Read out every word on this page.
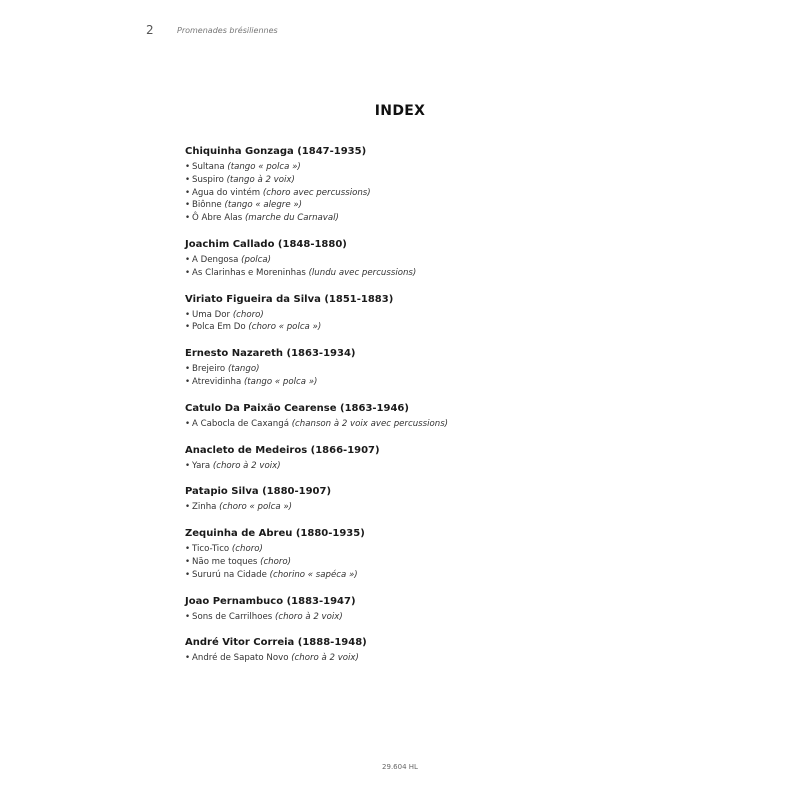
2	Promenades brésiliennes
INDEX
Chiquinha Gonzaga (1847-1935)
• Sultana (tango « polca »)
• Suspiro (tango à 2 voix)
• Agua do vintém (choro avec percussions)
• Biônne (tango « alegre »)
• Ô Abre Alas (marche du Carnaval)
Joachim Callado (1848-1880)
• A Dengosa (polca)
• As Clarinhas e Moreninhas (lundu avec percussions)
Viriato Figueira da Silva (1851-1883)
• Uma Dor (choro)
• Polca Em Do (choro « polca »)
Ernesto Nazareth (1863-1934)
• Brejeiro (tango)
• Atrevidinha (tango « polca »)
Catulo Da Paixão Cearense (1863-1946)
• A Cabocla de Caxangá (chanson à 2 voix avec percussions)
Anacleto de Medeiros (1866-1907)
• Yara (choro à 2 voix)
Patapio Silva (1880-1907)
• Zinha (choro « polca »)
Zequinha de Abreu (1880-1935)
• Tico-Tico (choro)
• Não me toques (choro)
• Sururú na Cidade (chorino « sapéca »)
Joao Pernambuco (1883-1947)
• Sons de Carrilhoes (choro à 2 voix)
André Vitor Correia (1888-1948)
• André de Sapato Novo (choro à 2 voix)
29.604 HL
